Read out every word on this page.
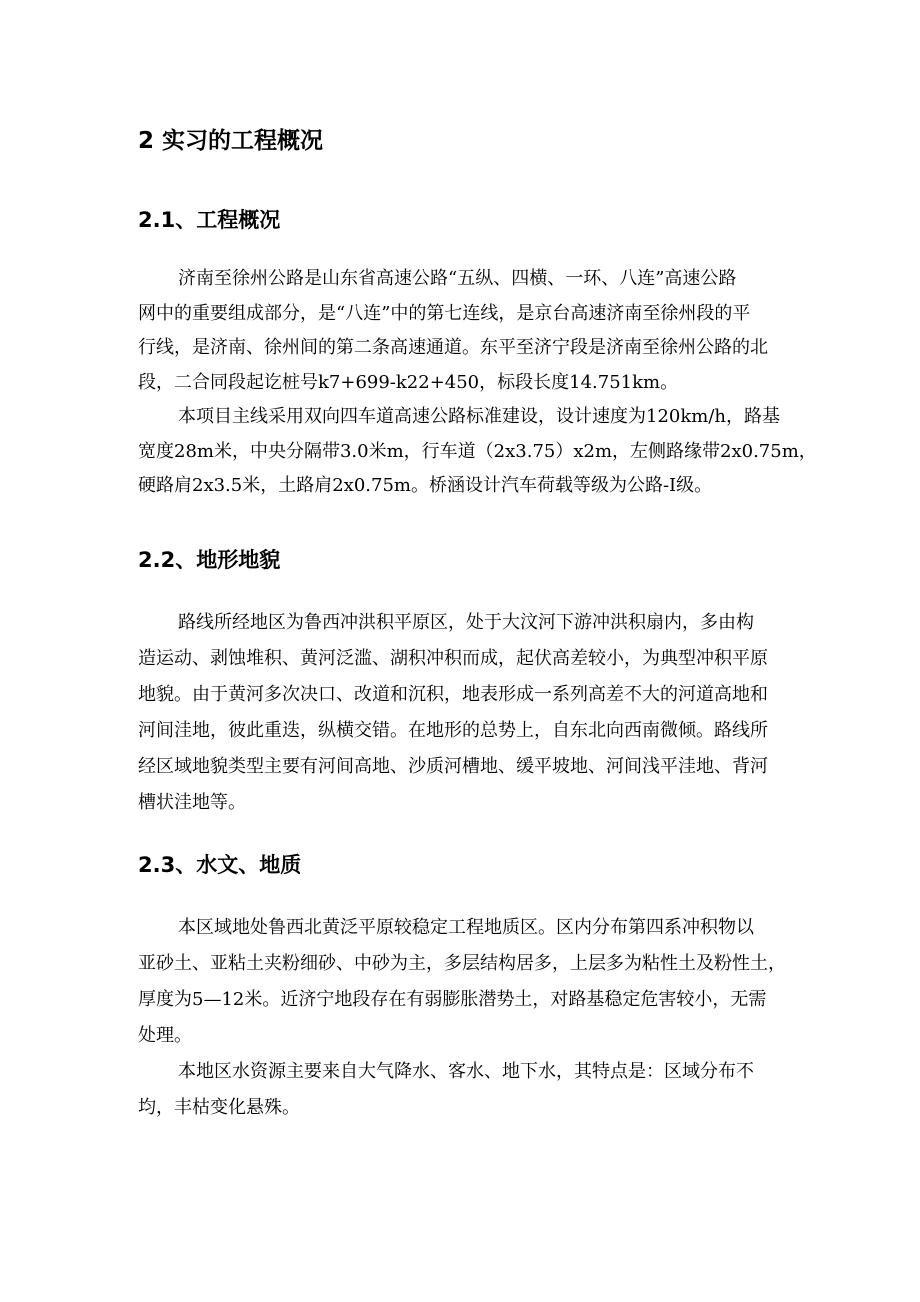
2 实习的工程概况
2.1、工程概况
济南至徐州公路是山东省高速公路“五纵、四横、一环、八连”高速公路
网中的重要组成部分，是“八连”中的第七连线，是京台高速济南至徐州段的平
行线，是济南、徐州间的第二条高速通道。东平至济宁段是济南至徐州公路的北
段，二合同段起讫桩号k7+699-k22+450，标段长度14.751km。
本项目主线采用双向四车道高速公路标准建设，设计速度为120km/h，路基
宽度28m米，中央分隔带3.0米m，行车道（2x3.75）x2m，左侧路缘带2x0.75m，
硬路肩2x3.5米，土路肩2x0.75m。桥涵设计汽车荷载等级为公路-Ⅰ级。
2.2、地形地貌
路线所经地区为鲁西冲洪积平原区，处于大汶河下游冲洪积扇内，多由构
造运动、剥蚀堆积、黄河泛滥、湖积冲积而成，起伏高差较小，为典型冲积平原
地貌。由于黄河多次决口、改道和沉积，地表形成一系列高差不大的河道高地和
河间洼地，彼此重迭，纵横交错。在地形的总势上，自东北向西南微倾。路线所
经区域地貌类型主要有河间高地、沙质河槽地、缓平坡地、河间浅平洼地、背河
槽状洼地等。
2.3、水文、地质
本区域地处鲁西北黄泛平原较稳定工程地质区。区内分布第四系冲积物以
亚砂土、亚粘土夹粉细砂、中砂为主，多层结构居多，上层多为粘性土及粉性土，
厚度为5—12米。近济宁地段存在有弱膨胀潜势土，对路基稳定危害较小，无需
处理。
本地区水资源主要来自大气降水、客水、地下水，其特点是：区域分布不
均，丰枯变化悬殊。
